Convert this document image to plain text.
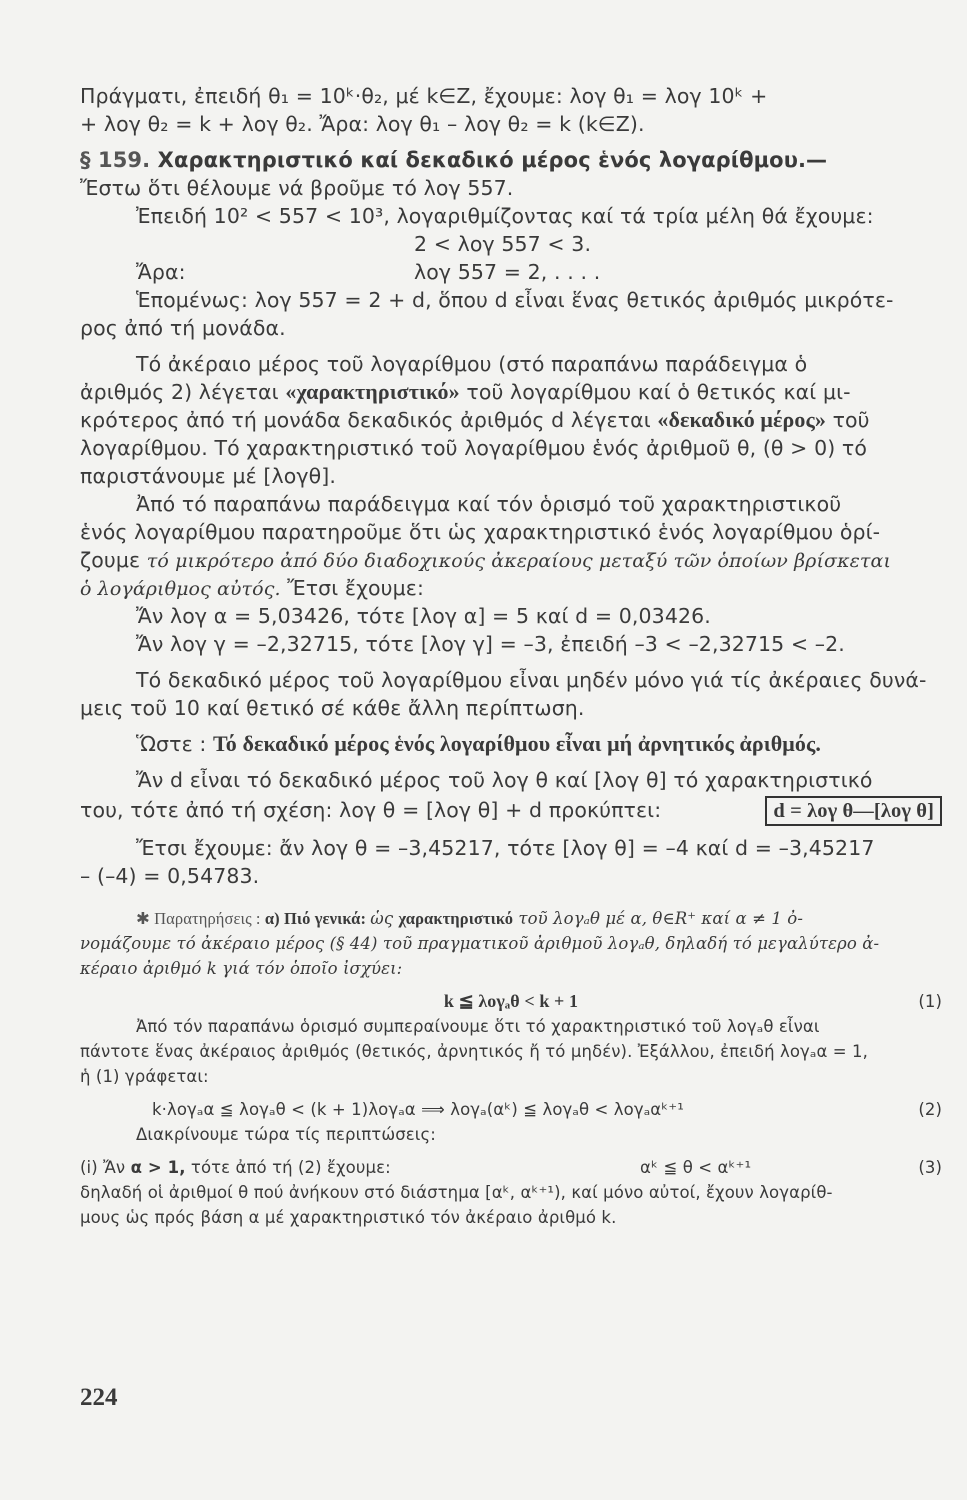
Πράγματι, ἐπειδή θ₁ = 10ᵏ·θ₂, μέ k∈Z, ἔχουμε: λογ θ₁ = λογ 10ᵏ +
+ λογ θ₂ = k + λογ θ₂. Ἄρα: λογ θ₁ – λογ θ₂ = k (k∈Z).
§ 159. Χαρακτηριστικό καί δεκαδικό μέρος ἑνός λογαρίθμου.—
Ἔστω ὅτι θέλουμε νά βροῦμε τό λογ 557.
Ἐπειδή 10² < 557 < 10³, λογαριθμίζοντας καί τά τρία μέλη θά ἔχουμε:
2 < λογ 557 < 3.
Ἄρα:	λογ 557 = 2, . . . .
Ἑπομένως: λογ 557 = 2 + d, ὅπου d εἶναι ἕνας θετικός ἀριθμός μικρότε-
ρος ἀπό τή μονάδα.
Τό ἀκέραιο μέρος τοῦ λογαρίθμου (στό παραπάνω παράδειγμα ὁ
ἀριθμός 2) λέγεται «χαρακτηριστικό» τοῦ λογαρίθμου καί ὁ θετικός καί μι-
κρότερος ἀπό τή μονάδα δεκαδικός ἀριθμός d λέγεται «δεκαδικό μέρος» τοῦ
λογαρίθμου. Τό χαρακτηριστικό τοῦ λογαρίθμου ἑνός ἀριθμοῦ θ, (θ > 0) τό
παριστάνουμε μέ [λογθ].
Ἀπό τό παραπάνω παράδειγμα καί τόν ὁρισμό τοῦ χαρακτηριστικοῦ
ἑνός λογαρίθμου παρατηροῦμε ὅτι ὡς χαρακτηριστικό ἑνός λογαρίθμου ὁρί-
ζουμε τό μικρότερο ἀπό δύο διαδοχικούς ἀκεραίους μεταξύ τῶν ὁποίων βρίσκεται
ὁ λογάριθμος αὐτός. Ἔτσι ἔχουμε:
Ἄν λογ α = 5,03426, τότε [λογ α] = 5 καί d = 0,03426.
Ἄν λογ γ = –2,32715, τότε [λογ γ] = –3, ἐπειδή –3 < –2,32715 < –2.
Τό δεκαδικό μέρος τοῦ λογαρίθμου εἶναι μηδέν μόνο γιά τίς ἀκέραιες δυνά-
μεις τοῦ 10 καί θετικό σέ κάθε ἄλλη περίπτωση.
Ὥστε : Τό δεκαδικό μέρος ἑνός λογαρίθμου εἶναι μή ἀρνητικός ἀριθμός.
Ἄν d εἶναι τό δεκαδικό μέρος τοῦ λογ θ καί [λογ θ] τό χαρακτηριστικό
του, τότε ἀπό τή σχέση: λογ θ = [λογ θ] + d προκύπτει:	d = λογ θ—[λογ θ]
Ἔτσι ἔχουμε: ἄν λογ θ = –3,45217, τότε [λογ θ] = –4 καί d = –3,45217
– (–4) = 0,54783.
✱ Παρατηρήσεις : α) Πιό γενικά: ὡς χαρακτηριστικό τοῦ λογₐθ μέ α, θ∈R⁺ καί α ≠ 1 ὀ-
νομάζουμε τό ἀκέραιο μέρος (§ 44) τοῦ πραγματικοῦ ἀριθμοῦ λογₐθ, δηλαδή τό μεγαλύτερο ἀ-
κέραιο ἀριθμό k γιά τόν ὁποῖο ἰσχύει:
k ≦ λογₐθ < k + 1	(1)
Ἀπό τόν παραπάνω ὁρισμό συμπεραίνουμε ὅτι τό χαρακτηριστικό τοῦ λογₐθ εἶναι
πάντοτε ἕνας ἀκέραιος ἀριθμός (θετικός, ἀρνητικός ἤ τό μηδέν). Ἐξάλλου, ἐπειδή λογₐα = 1,
ἡ (1) γράφεται:
k·λογₐα ≦ λογₐθ < (k + 1)λογₐα ⟹ λογₐ(αᵏ) ≦ λογₐθ < λογₐαᵏ⁺¹	(2)
Διακρίνουμε τώρα τίς περιπτώσεις:
(i) Ἄν α > 1, τότε ἀπό τή (2) ἔχουμε:	αᵏ ≦ θ < αᵏ⁺¹	(3)
δηλαδή οἱ ἀριθμοί θ πού ἀνήκουν στό διάστημα [αᵏ, αᵏ⁺¹), καί μόνο αὐτοί, ἔχουν λογαρίθ-
μους ὡς πρός βάση α μέ χαρακτηριστικό τόν ἀκέραιο ἀριθμό k.
224
